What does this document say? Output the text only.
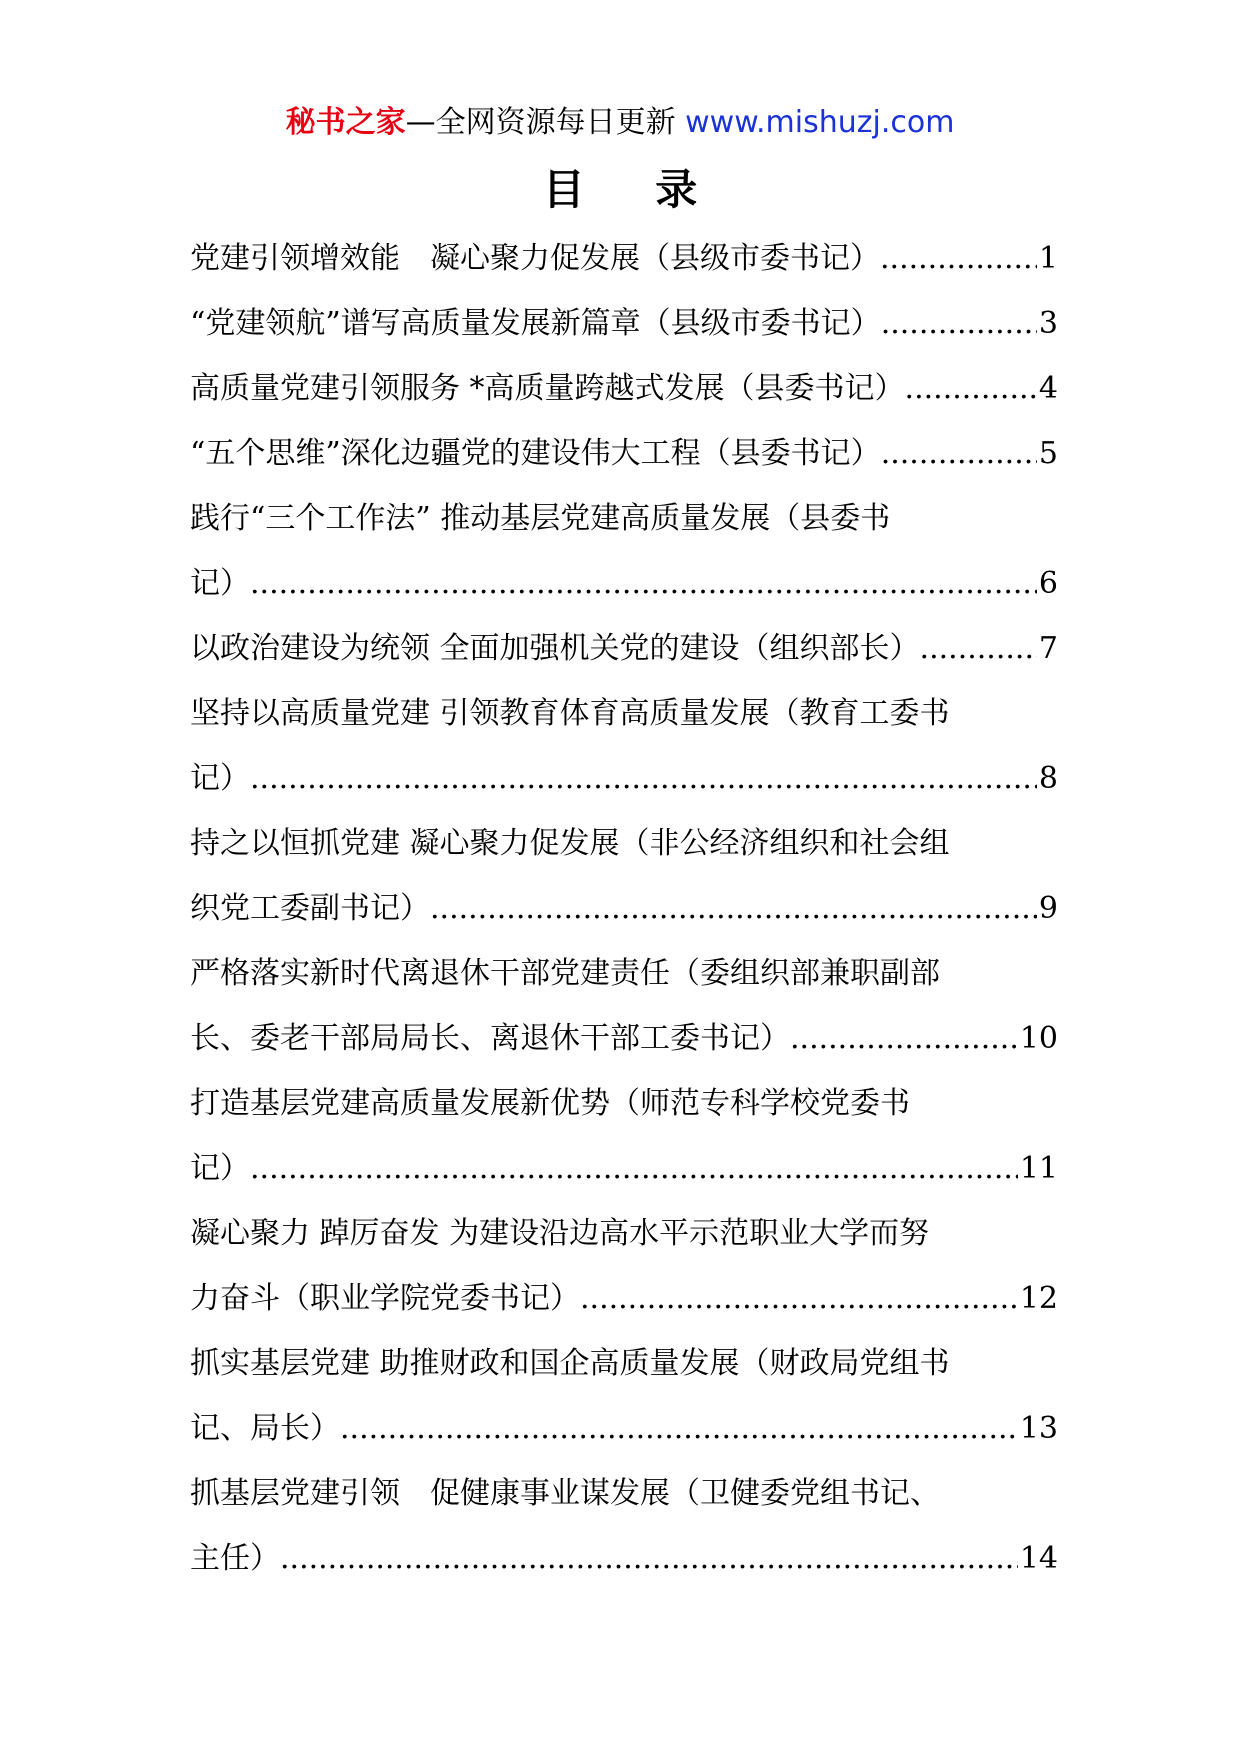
秘书之家—全网资源每日更新 www.mishuzj.com
目 录
党建引领增效能　凝心聚力促发展（县级市委书记） .....	1
“党建领航”谱写高质量发展新篇章（县级市委书记） .....	3
高质量党建引领服务 *高质量跨越式发展（县委书记） .....	4
“五个思维”深化边疆党的建设伟大工程（县委书记） .....	5
践行“三个工作法” 推动基层党建高质量发展（县委书
记） .....	6
以政治建设为统领 全面加强机关党的建设（组织部长） .....	7
坚持以高质量党建 引领教育体育高质量发展（教育工委书
记） .....	8
持之以恒抓党建 凝心聚力促发展（非公经济组织和社会组
织党工委副书记） .....	9
严格落实新时代离退休干部党建责任（委组织部兼职副部
长、委老干部局局长、离退休干部工委书记） .....	10
打造基层党建高质量发展新优势（师范专科学校党委书
记） .....	11
凝心聚力 踔厉奋发 为建设沿边高水平示范职业大学而努
力奋斗（职业学院党委书记） .....	12
抓实基层党建 助推财政和国企高质量发展（财政局党组书
记、局长） .....	13
抓基层党建引领　促健康事业谋发展（卫健委党组书记、
主任） .....	14
